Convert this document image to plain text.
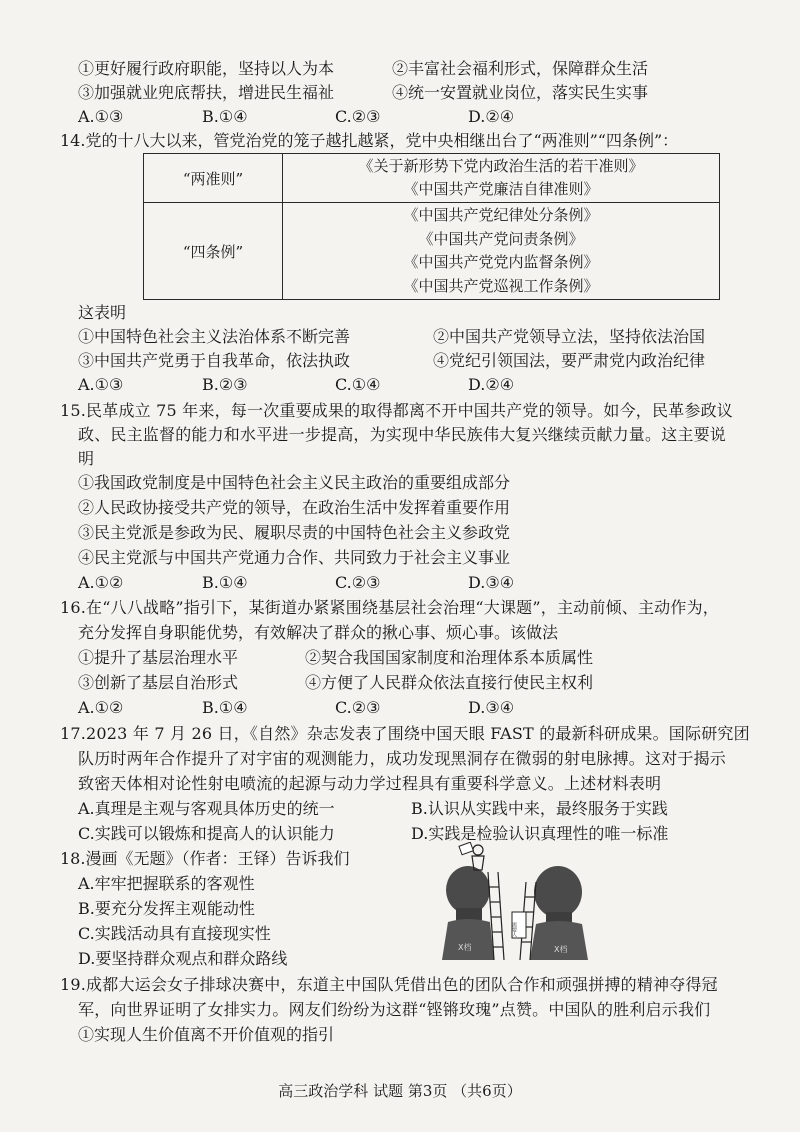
①更好履行政府职能，坚持以人为本	②丰富社会福利形式，保障群众生活
③加强就业兜底帮扶，增进民生福祉	④统一安置就业岗位，落实民生实事
A.①③	B.①④	C.②③	D.②④
14.党的十八大以来，管党治党的笼子越扎越紧，党中央相继出台了“两准则”“四条例”：
“两准则”	《关于新形势下党内政治生活的若干准则》
《中国共产党廉洁自律准则》

“四条例”	《中国共产党纪律处分条例》
《中国共产党问责条例》
《中国共产党党内监督条例》
《中国共产党巡视工作条例》
这表明
①中国特色社会主义法治体系不断完善	②中国共产党领导立法，坚持依法治国
③中国共产党勇于自我革命，依法执政	④党纪引领国法，要严肃党内政治纪律
A.①③	B.②③	C.①④	D.②④
15.民革成立 75 年来，每一次重要成果的取得都离不开中国共产党的领导。如今，民革参政议
政、民主监督的能力和水平进一步提高，为实现中华民族伟大复兴继续贡献力量。这主要说
明
①我国政党制度是中国特色社会主义民主政治的重要组成部分
②人民政协接受共产党的领导，在政治生活中发挥着重要作用
③民主党派是参政为民、履职尽责的中国特色社会主义参政党
④民主党派与中国共产党通力合作、共同致力于社会主义事业
A.①②	B.①④	C.②③	D.③④
16.在“八八战略”指引下，某街道办紧紧围绕基层社会治理“大课题”，主动前倾、主动作为，
充分发挥自身职能优势，有效解决了群众的揪心事、烦心事。该做法
①提升了基层治理水平	②契合我国国家制度和治理体系本质属性
③创新了基层自治形式	④方便了人民群众依法直接行使民主权利
A.①②	B.①④	C.②③	D.③④
17.2023 年 7 月 26 日，《自然》杂志发表了围绕中国天眼 FAST 的最新科研成果。国际研究团
队历时两年合作提升了对宇宙的观测能力，成功发现黑洞存在微弱的射电脉搏。这对于揭示
致密天体相对论性射电喷流的起源与动力学过程具有重要科学意义。上述材料表明
A.真理是主观与客观具体历史的统一	B.认识从实践中来，最终服务于实践
C.实践可以锻炼和提高人的认识能力	D.实践是检验认识真理性的唯一标准
18.漫画《无题》（作者：王铎）告诉我们
A.牢牢把握联系的客观性
B.要充分发挥主观能动性
C.实践活动具有直接现实性
D.要坚持群众观点和群众路线
X档	X档
需要人
19.成都大运会女子排球决赛中，东道主中国队凭借出色的团队合作和顽强拼搏的精神夺得冠
军，向世界证明了女排实力。网友们纷纷为这群“铿锵玫瑰”点赞。中国队的胜利启示我们
①实现人生价值离不开价值观的指引
高三政治学科 试题 第3页 （共6页）
